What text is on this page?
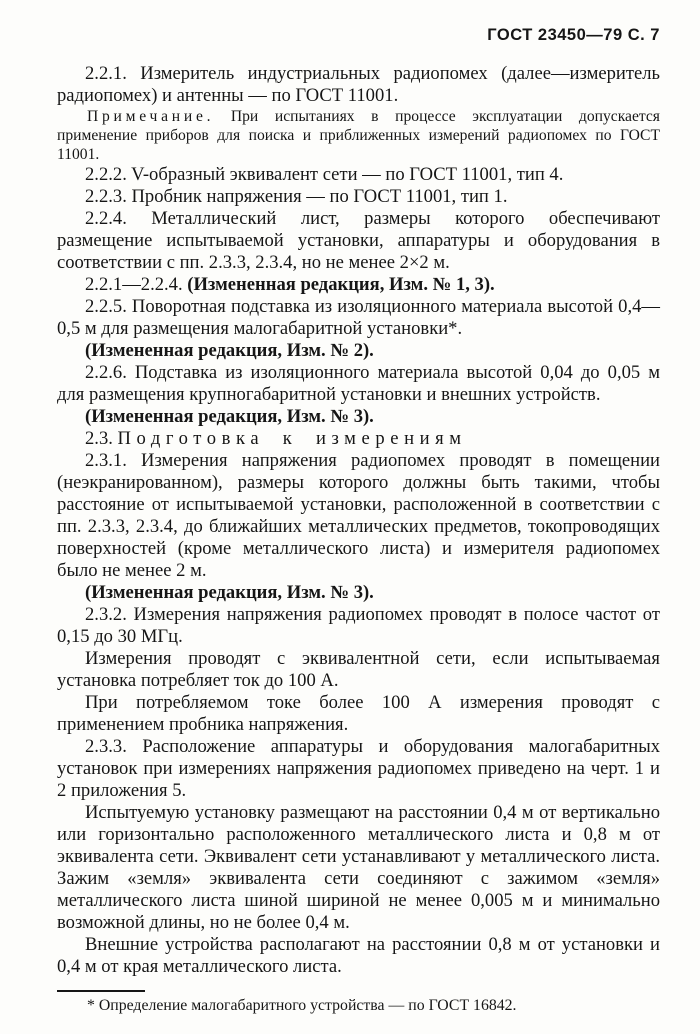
ГОСТ 23450—79 С. 7

2.2.1. Измеритель индустриальных радиопомех (далее—измеритель радиопомех) и антенны — по ГОСТ 11001.

Примечание. При испытаниях в процессе эксплуатации допускается применение приборов для поиска и приближенных измерений радиопомех по ГОСТ 11001.

2.2.2. V-образный эквивалент сети — по ГОСТ 11001, тип 4.

2.2.3. Пробник напряжения — по ГОСТ 11001, тип 1.

2.2.4. Металлический лист, размеры которого обеспечивают размещение испытываемой установки, аппаратуры и оборудования в соответствии с пп. 2.3.3, 2.3.4, но не менее 2×2 м.

2.2.1—2.2.4. (Измененная редакция, Изм. № 1, 3).

2.2.5. Поворотная подставка из изоляционного материала высотой 0,4—0,5 м для размещения малогабаритной установки*.

(Измененная редакция, Изм. № 2).

2.2.6. Подставка из изоляционного материала высотой 0,04 до 0,05 м для размещения крупногабаритной установки и внешних устройств.

(Измененная редакция, Изм. № 3).

2.3. Подготовка к измерениям

2.3.1. Измерения напряжения радиопомех проводят в помещении (неэкранированном), размеры которого должны быть такими, чтобы расстояние от испытываемой установки, расположенной в соответствии с пп. 2.3.3, 2.3.4, до ближайших металлических предметов, токопроводящих поверхностей (кроме металлического листа) и измерителя радиопомех было не менее 2 м.

(Измененная редакция, Изм. № 3).

2.3.2. Измерения напряжения радиопомех проводят в полосе частот от 0,15 до 30 МГц.

Измерения проводят с эквивалентной сети, если испытываемая установка потребляет ток до 100 А.

При потребляемом токе более 100 А измерения проводят с применением пробника напряжения.

2.3.3. Расположение аппаратуры и оборудования малогабаритных установок при измерениях напряжения радиопомех приведено на черт. 1 и 2 приложения 5.

Испытуемую установку размещают на расстоянии 0,4 м от вертикально или горизонтально расположенного металлического листа и 0,8 м от эквивалента сети. Эквивалент сети устанавливают у металлического листа. Зажим «земля» эквивалента сети соединяют с зажимом «земля» металлического листа шиной шириной не менее 0,005 м и минимально возможной длины, но не более 0,4 м.

Внешние устройства располагают на расстоянии 0,8 м от установки и 0,4 м от края металлического листа.

* Определение малогабаритного устройства — по ГОСТ 16842.
